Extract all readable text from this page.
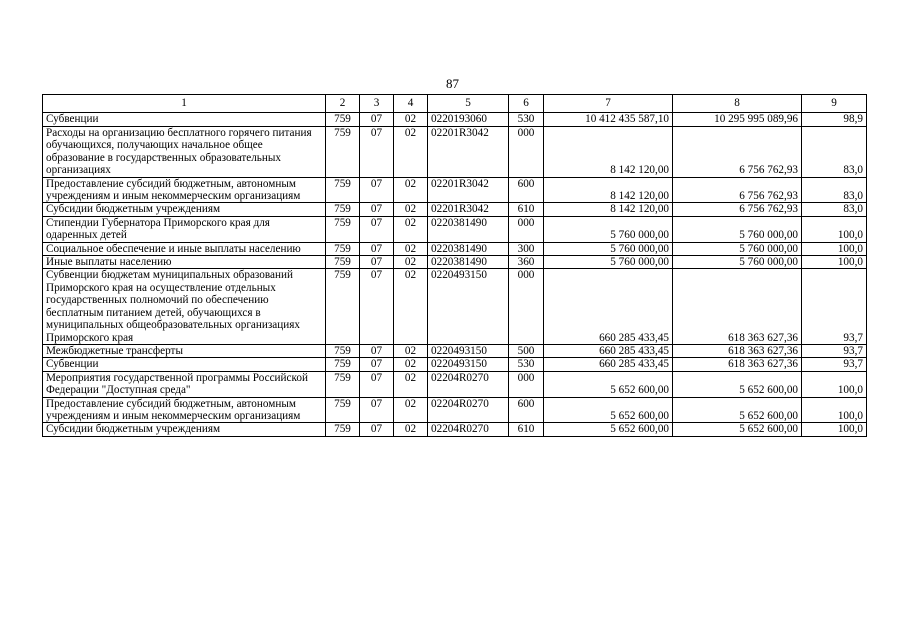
87
1	2	3	4	5	6	7	8	9
Субвенции	759	07	02	0220193060	530	10 412 435 587,10	10 295 995 089,96	98,9
Расходы на организацию бесплатного горячего питания обучающихся, получающих начальное общее образование в государственных образовательных организациях	759	07	02	02201R3042	000	8 142 120,00	6 756 762,93	83,0
Предоставление субсидий бюджетным, автономным учреждениям и иным некоммерческим организациям	759	07	02	02201R3042	600	8 142 120,00	6 756 762,93	83,0
Субсидии бюджетным учреждениям	759	07	02	02201R3042	610	8 142 120,00	6 756 762,93	83,0
Стипендии Губернатора Приморского края для одаренных детей	759	07	02	0220381490	000	5 760 000,00	5 760 000,00	100,0
Социальное обеспечение и иные выплаты населению	759	07	02	0220381490	300	5 760 000,00	5 760 000,00	100,0
Иные выплаты населению	759	07	02	0220381490	360	5 760 000,00	5 760 000,00	100,0
Субвенции бюджетам муниципальных образований Приморского края на осуществление отдельных государственных полномочий по обеспечению бесплатным питанием детей, обучающихся в муниципальных общеобразовательных организациях Приморского края	759	07	02	0220493150	000	660 285 433,45	618 363 627,36	93,7
Межбюджетные трансферты	759	07	02	0220493150	500	660 285 433,45	618 363 627,36	93,7
Субвенции	759	07	02	0220493150	530	660 285 433,45	618 363 627,36	93,7
Мероприятия государственной программы Российской Федерации "Доступная среда"	759	07	02	02204R0270	000	5 652 600,00	5 652 600,00	100,0
Предоставление субсидий бюджетным, автономным учреждениям и иным некоммерческим организациям	759	07	02	02204R0270	600	5 652 600,00	5 652 600,00	100,0
Субсидии бюджетным учреждениям	759	07	02	02204R0270	610	5 652 600,00	5 652 600,00	100,0
